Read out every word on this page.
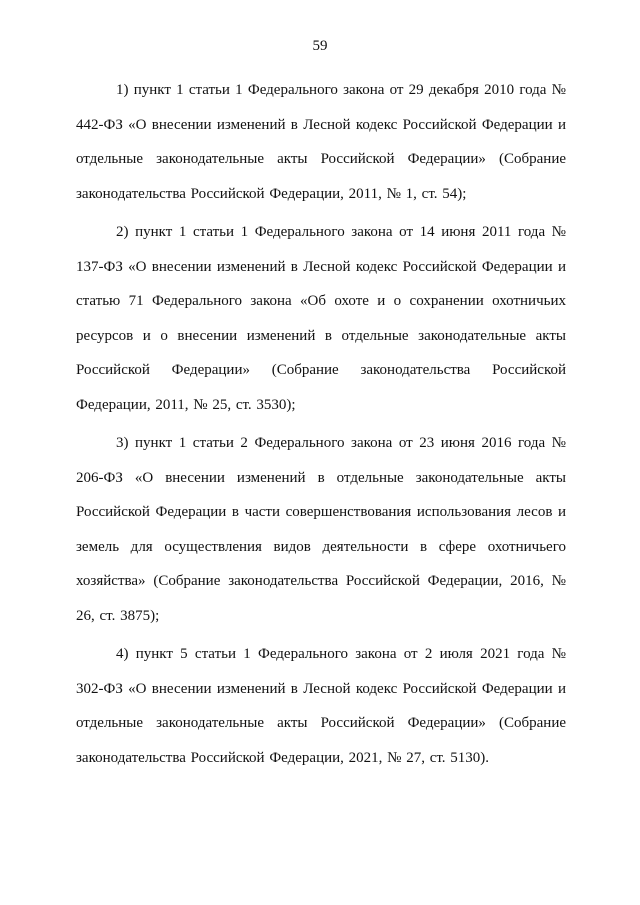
59

1) пункт 1 статьи 1 Федерального закона от 29 декабря 2010 года № 442-ФЗ «О внесении изменений в Лесной кодекс Российской Федерации и отдельные законодательные акты Российской Федерации» (Собрание законодательства Российской Федерации, 2011, № 1, ст. 54);

2) пункт 1 статьи 1 Федерального закона от 14 июня 2011 года № 137-ФЗ «О внесении изменений в Лесной кодекс Российской Федерации и статью 71 Федерального закона «Об охоте и о сохранении охотничьих ресурсов и о внесении изменений в отдельные законодательные акты Российской Федерации» (Собрание законодательства Российской Федерации, 2011, № 25, ст. 3530);

3) пункт 1 статьи 2 Федерального закона от 23 июня 2016 года № 206-ФЗ «О внесении изменений в отдельные законодательные акты Российской Федерации в части совершенствования использования лесов и земель для осуществления видов деятельности в сфере охотничьего хозяйства» (Собрание законодательства Российской Федерации, 2016, № 26, ст. 3875);

4) пункт 5 статьи 1 Федерального закона от 2 июля 2021 года № 302-ФЗ «О внесении изменений в Лесной кодекс Российской Федерации и отдельные законодательные акты Российской Федерации» (Собрание законодательства Российской Федерации, 2021, № 27, ст. 5130).
